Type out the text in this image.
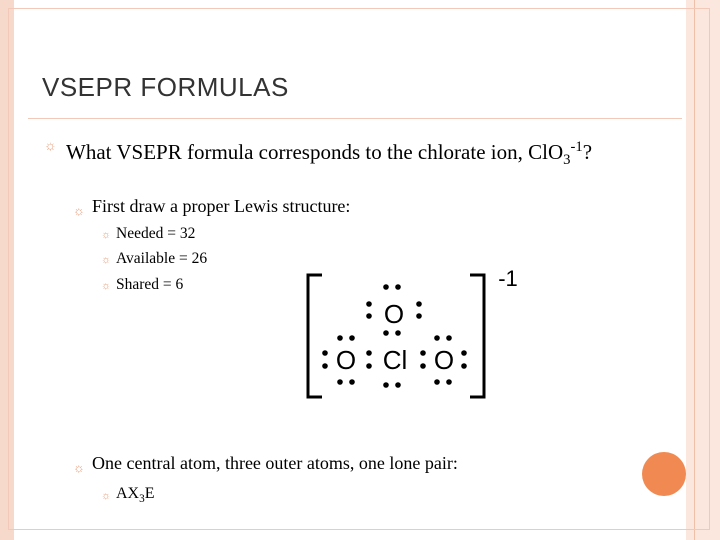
VSEPR FORMULAS
☼ What VSEPR formula corresponds to the chlorate ion, ClO$_3^{-1}$?
☼ First draw a proper Lewis structure:
☼ Needed = 32
☼ Available = 26
☼ Shared = 6
O
O Cl O
-1
☼ One central atom, three outer atoms, one lone pair:
☼ $AX_3E$
